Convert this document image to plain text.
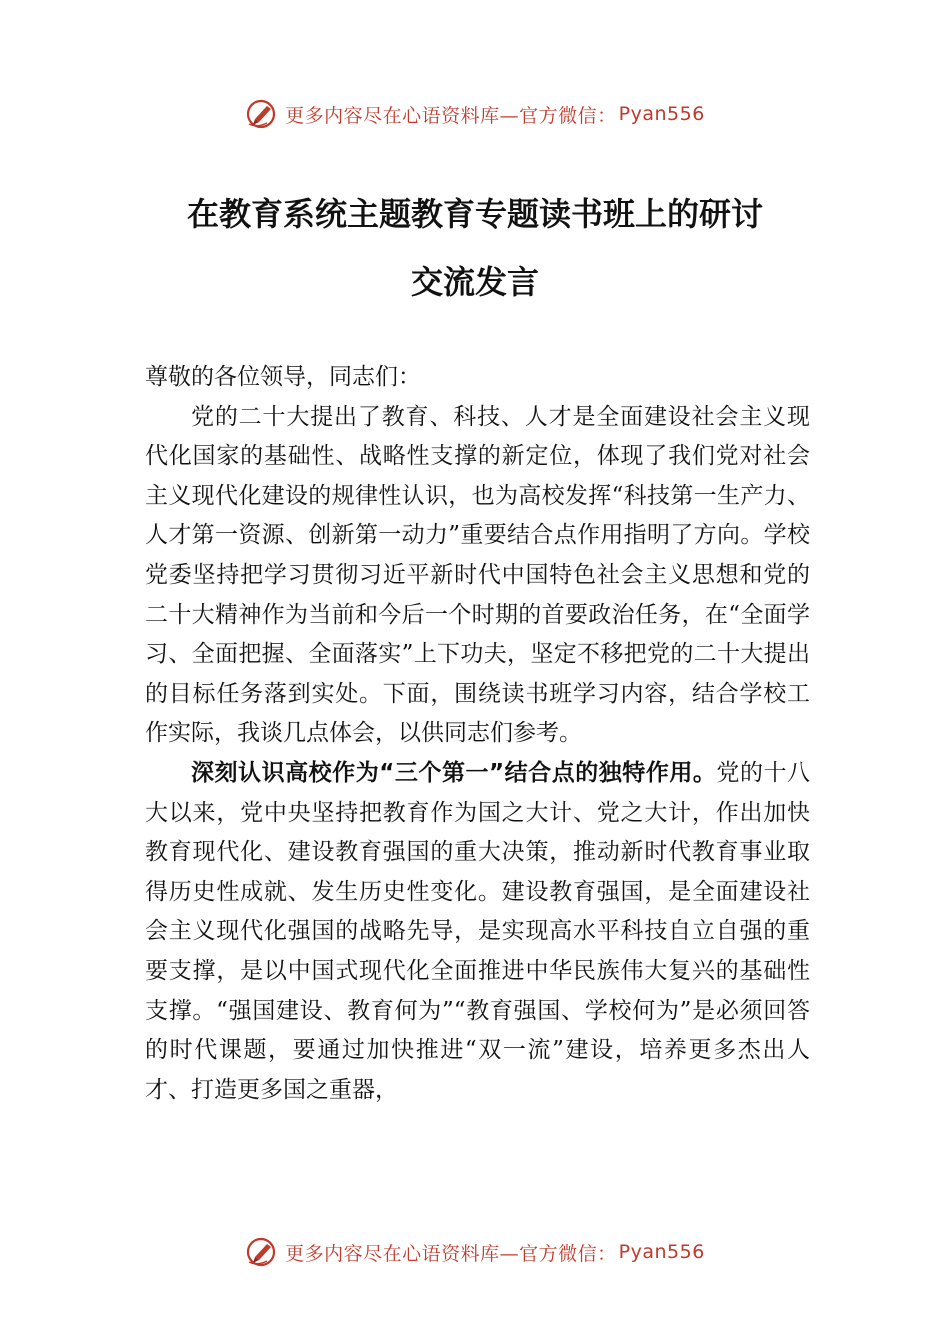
更多内容尽在心语资料库—官方微信： Pyan556
在教育系统主题教育专题读书班上的研讨
交流发言

尊敬的各位领导，同志们：

党的二十大提出了教育、科技、人才是全面建设社会主义现代化国家的基础性、战略性支撑的新定位，体现了我们党对社会主义现代化建设的规律性认识，也为高校发挥“科技第一生产力、人才第一资源、创新第一动力”重要结合点作用指明了方向。学校党委坚持把学习贯彻习近平新时代中国特色社会主义思想和党的二十大精神作为当前和今后一个时期的首要政治任务，在“全面学习、全面把握、全面落实”上下功夫，坚定不移把党的二十大提出的目标任务落到实处。下面，围绕读书班学习内容，结合学校工作实际，我谈几点体会，以供同志们参考。

深刻认识高校作为“三个第一”结合点的独特作用。党的十八大以来，党中央坚持把教育作为国之大计、党之大计，作出加快教育现代化、建设教育强国的重大决策，推动新时代教育事业取得历史性成就、发生历史性变化。建设教育强国，是全面建设社会主义现代化强国的战略先导，是实现高水平科技自立自强的重要支撑，是以中国式现代化全面推进中华民族伟大复兴的基础性支撑。“强国建设、教育何为”“教育强国、学校何为”是必须回答的时代课题，要通过加快推进“双一流”建设，培养更多杰出人才、打造更多国之重器，

更多内容尽在心语资料库—官方微信： Pyan556
